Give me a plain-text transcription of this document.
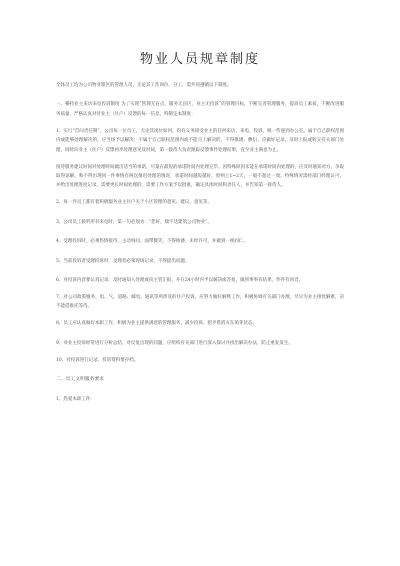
物业人员规章制度

全体员工均为公司物业辖区的管理人员，无论其工作岗位、分工，需共同遵循以下制度。

一、操持业主来访来电投诉制度 为了实现“管理无盲点，服务无盲区，业主无投诉”的管理目标，不断完善管理服务，提高员工素质，不断改进服务质量，严格认真对待业主（住户）反馈的每一信息，特制定本制度：

1、实行“首问责任制”，公司每一位员工，无论其岗位如何，均有义务接受业主的任何来访、来电、投诉，统一传递到办公室。属于自己职权范围内或能够处理解决的，应当场予以解决；不属于自己职权范围内或不能马上解决的，不得推诿、敷衍，应做好记录，及时上报或转交有关部门处理，同时向业主（住户）反馈初步处理意见及时间，第一接待人负责跟踪反馈事件处理结果，直至业主满意为止。

接待服务建议时间对处理时间做出适当的承诺，尽量在最短的承诺时间内处理完毕。因特殊原因未能在承诺时间内处理的，应及时通知对方，争取取得谅解，和不得出现同一件事情有两次推迟处理的情况，承诺时间越短越好，原则上1~2天，一般不超过一周。特殊情况需经部门经理认可，并给出处理进度记录，需要更长时间处理的，需要工作方案予以批准，确定具体时间和责任人，并告知第一接待人。

2、每一件员工都有着积极服务业主住户关于小区管理的意见、建议、意见等。

3、公司员工接听所有来电时，第一句必须为：“您好，瑞宇达建筑公司物业”。

4、受理投诉时，必须热情接待，主动询问，面带微笑，不得推诿，未经许可，并做到一视同仁。

5、当前投诉者受理投诉时，受理者必须现场记录，不得提出问题。

6、对投诉内容要认真记录，及时通知人处理或向主管汇报，并在24小时内予以解决或答复，做到事事有结果，件件有回音。

7、对公司政策服务、电、气、道路、邮电、通讯等所涉及的住户投诉，应努力做好解释工作，积极协调有关部门办理，尽早为业主排忧解难，决不能借推托等待。

8、员工应认真做好本职工作，积极为业主提供满意的管理服务，减少投诉。把矛盾消灭在萌芽状态。

9、对业主投诉经常进行分析总结，对反复出现的问题，应组织有关部门进行深入探讨并找出解决办法，防止重复发生。

10、对投诉进行记录，投诉资料要存档。

二、员工文明服务要求

1、热爱本职工作：
